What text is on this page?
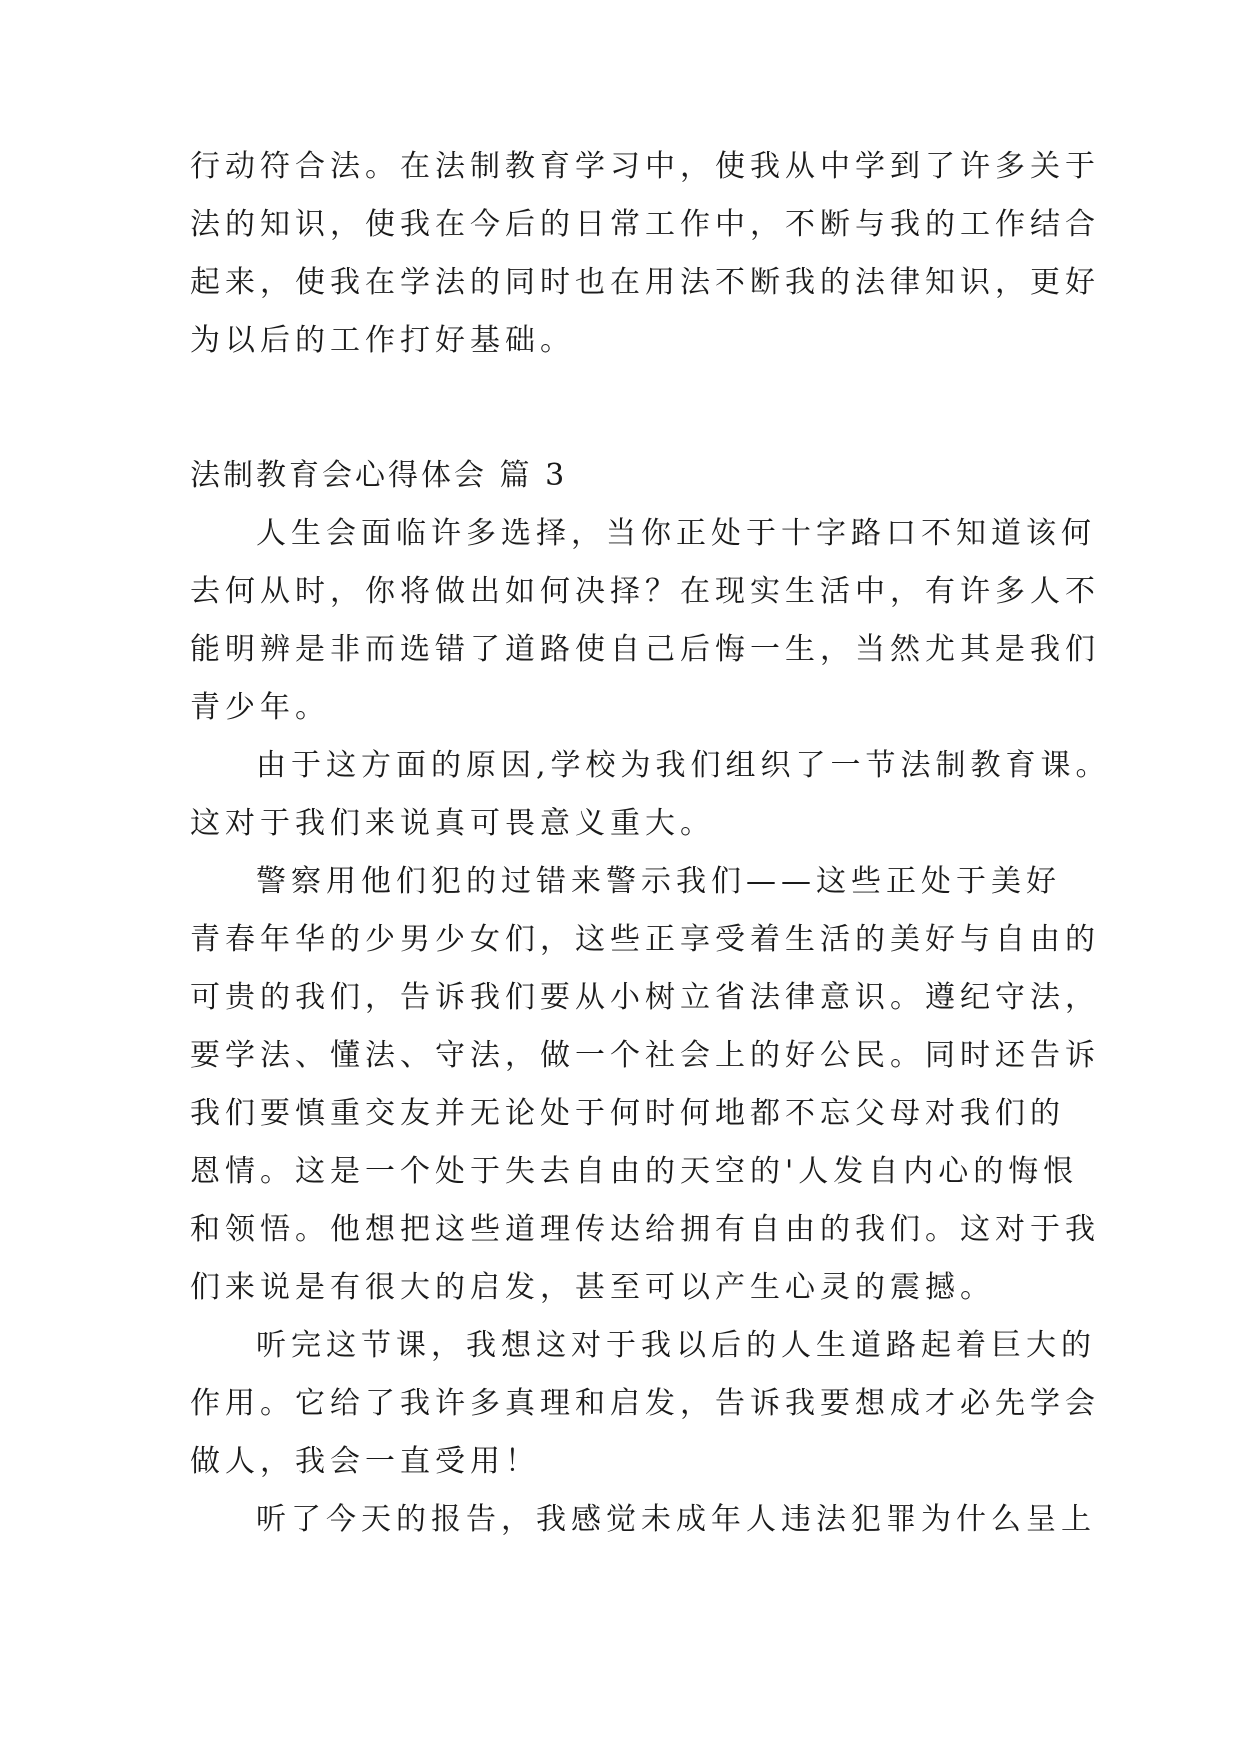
行动符合法。在法制教育学习中，使我从中学到了许多关于
法的知识，使我在今后的日常工作中，不断与我的工作结合
起来，使我在学法的同时也在用法不断我的法律知识，更好
为以后的工作打好基础。
法制教育会心得体会 篇 3
人生会面临许多选择，当你正处于十字路口不知道该何
去何从时，你将做出如何决择？在现实生活中，有许多人不
能明辨是非而选错了道路使自己后悔一生，当然尤其是我们
青少年。
由于这方面的原因,学校为我们组织了一节法制教育课。
这对于我们来说真可畏意义重大。
警察用他们犯的过错来警示我们——这些正处于美好
青春年华的少男少女们，这些正享受着生活的美好与自由的
可贵的我们，告诉我们要从小树立省法律意识。遵纪守法，
要学法、懂法、守法，做一个社会上的好公民。同时还告诉
我们要慎重交友并无论处于何时何地都不忘父母对我们的
恩情。这是一个处于失去自由的天空的'人发自内心的悔恨
和领悟。他想把这些道理传达给拥有自由的我们。这对于我
们来说是有很大的启发，甚至可以产生心灵的震撼。
听完这节课，我想这对于我以后的人生道路起着巨大的
作用。它给了我许多真理和启发，告诉我要想成才必先学会
做人，我会一直受用！
听了今天的报告，我感觉未成年人违法犯罪为什么呈上
